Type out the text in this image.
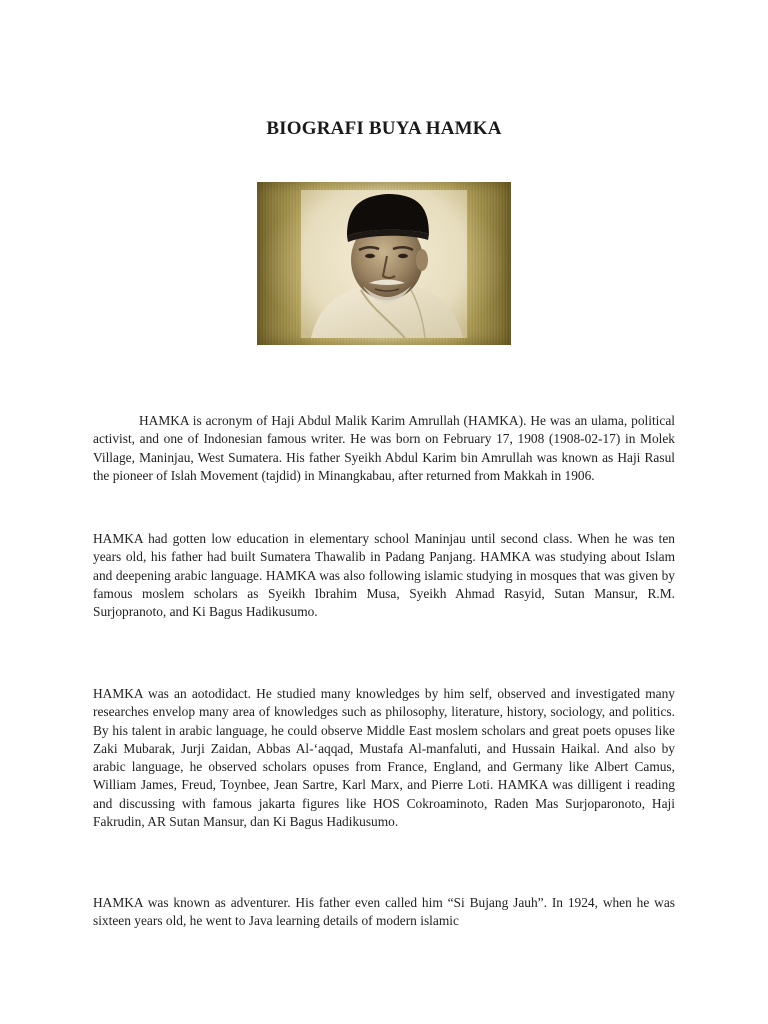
BIOGRAFI BUYA HAMKA

HAMKA is acronym of Haji Abdul Malik Karim Amrullah (HAMKA). He was an ulama, political activist, and one of Indonesian famous writer. He was born on February 17, 1908 (1908-02-17) in Molek Village, Maninjau, West Sumatera. His father Syeikh Abdul Karim bin Amrullah was known as Haji Rasul the pioneer of Islah Movement (tajdid) in Minangkabau, after returned from Makkah in 1906.

HAMKA had gotten low education in elementary school Maninjau until second class. When he was ten years old, his father had built Sumatera Thawalib in Padang Panjang. HAMKA was studying about Islam and deepening arabic language. HAMKA was also following islamic studying in mosques that was given by famous moslem scholars as Syeikh Ibrahim Musa, Syeikh Ahmad Rasyid, Sutan Mansur, R.M. Surjopranoto, and Ki Bagus Hadikusumo.

HAMKA was an aotodidact. He studied many knowledges by him self, observed and investigated many researches envelop many area of knowledges such as philosophy, literature, history, sociology, and politics. By his talent in arabic language, he could observe Middle East moslem scholars and great poets opuses like Zaki Mubarak, Jurji Zaidan, Abbas Al-‘aqqad, Mustafa Al-manfaluti, and Hussain Haikal. And also by arabic language, he observed scholars opuses from France, England, and Germany like Albert Camus, William James, Freud, Toynbee, Jean Sartre, Karl Marx, and Pierre Loti. HAMKA was dilligent i reading and discussing with famous jakarta figures like HOS Cokroaminoto, Raden Mas Surjoparonoto, Haji Fakrudin, AR Sutan Mansur, dan Ki Bagus Hadikusumo.

HAMKA was known as adventurer. His father even called him “Si Bujang Jauh”. In 1924, when he was sixteen years old, he went to Java learning details of modern islamic
